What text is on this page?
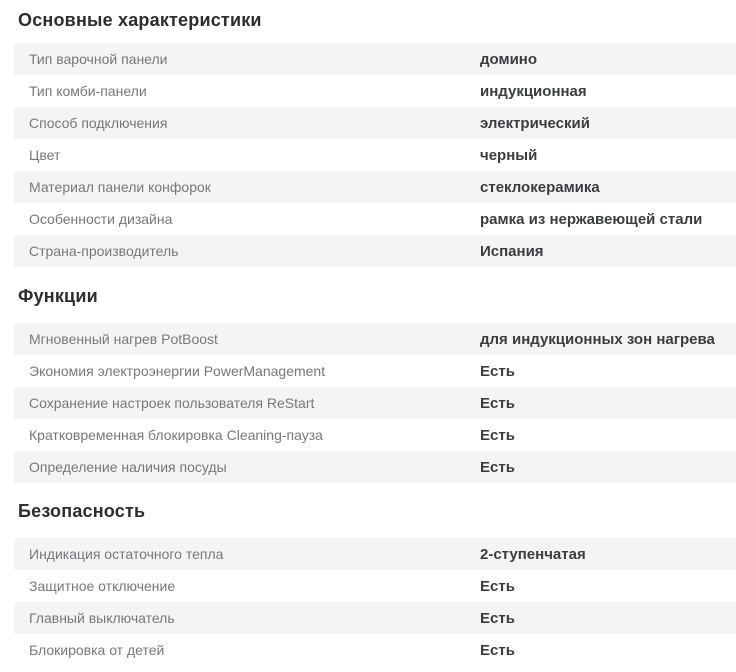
Основные характеристики
Тип варочной панели	домино
Тип комби-панели	индукционная
Способ подключения	электрический
Цвет	черный
Материал панели конфорок	стеклокерамика
Особенности дизайна	рамка из нержавеющей стали
Страна-производитель	Испания
Функции
Мгновенный нагрев PotBoost	для индукционных зон нагрева
Экономия электроэнергии PowerManagement	Есть
Сохранение настроек пользователя ReStart	Есть
Кратковременная блокировка Cleaning-пауза	Есть
Определение наличия посуды	Есть
Безопасность
Индикация остаточного тепла	2-ступенчатая
Защитное отключение	Есть
Главный выключатель	Есть
Блокировка от детей	Есть
